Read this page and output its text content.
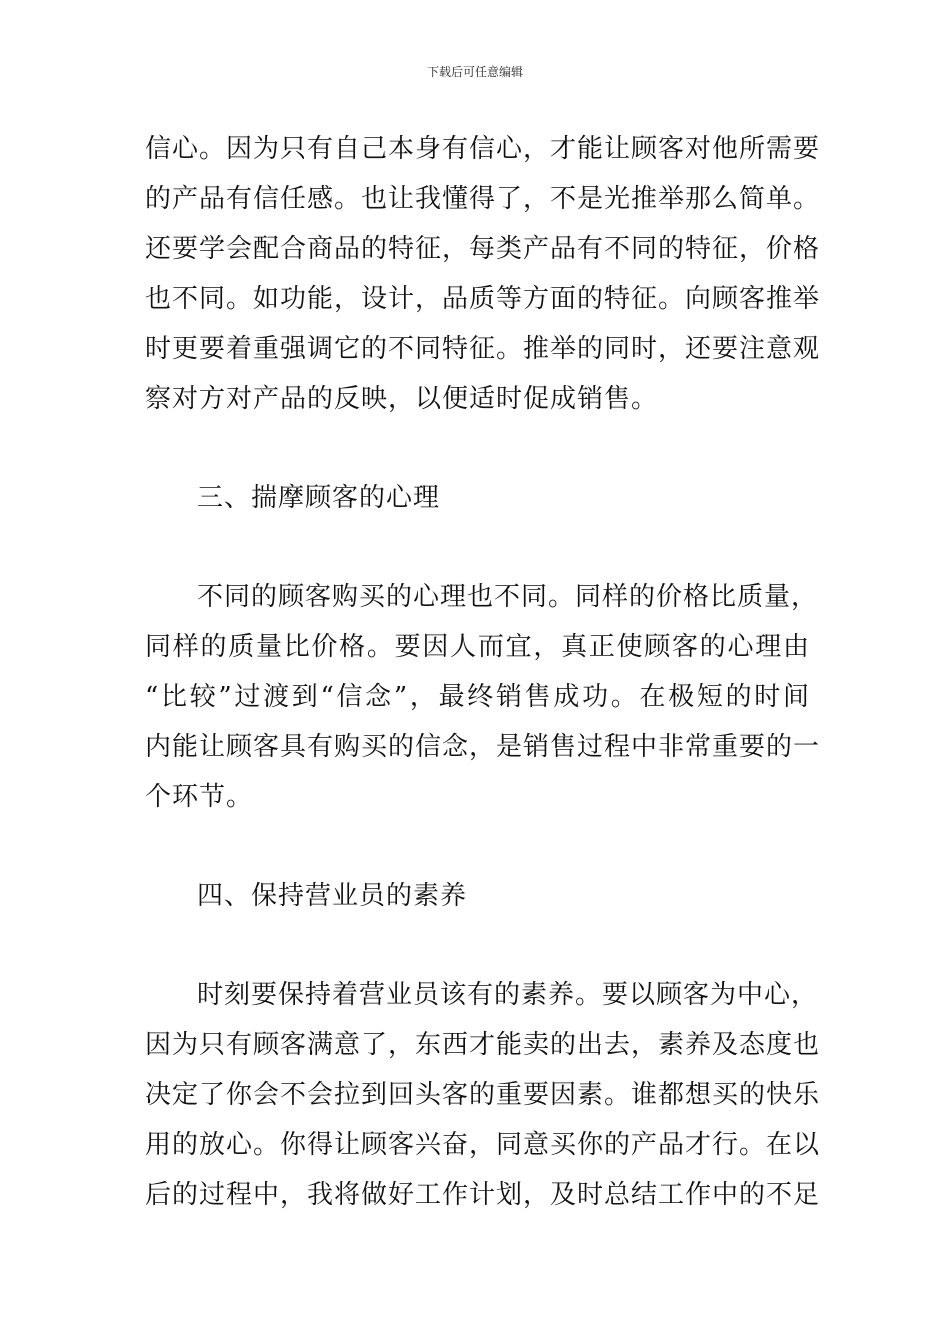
下载后可任意编辑
信心。因为只有自己本身有信心，才能让顾客对他所需要
的产品有信任感。也让我懂得了，不是光推举那么简单。
还要学会配合商品的特征，每类产品有不同的特征，价格
也不同。如功能，设计，品质等方面的特征。向顾客推举
时更要着重强调它的不同特征。推举的同时，还要注意观
察对方对产品的反映，以便适时促成销售。
三、揣摩顾客的心理
不同的顾客购买的心理也不同。同样的价格比质量，
同样的质量比价格。要因人而宜，真正使顾客的心理由
“比较”过渡到“信念”，最终销售成功。在极短的时间
内能让顾客具有购买的信念，是销售过程中非常重要的一
个环节。
四、保持营业员的素养
时刻要保持着营业员该有的素养。要以顾客为中心，
因为只有顾客满意了，东西才能卖的出去，素养及态度也
决定了你会不会拉到回头客的重要因素。谁都想买的快乐
用的放心。你得让顾客兴奋，同意买你的产品才行。在以
后的过程中，我将做好工作计划，及时总结工作中的不足
